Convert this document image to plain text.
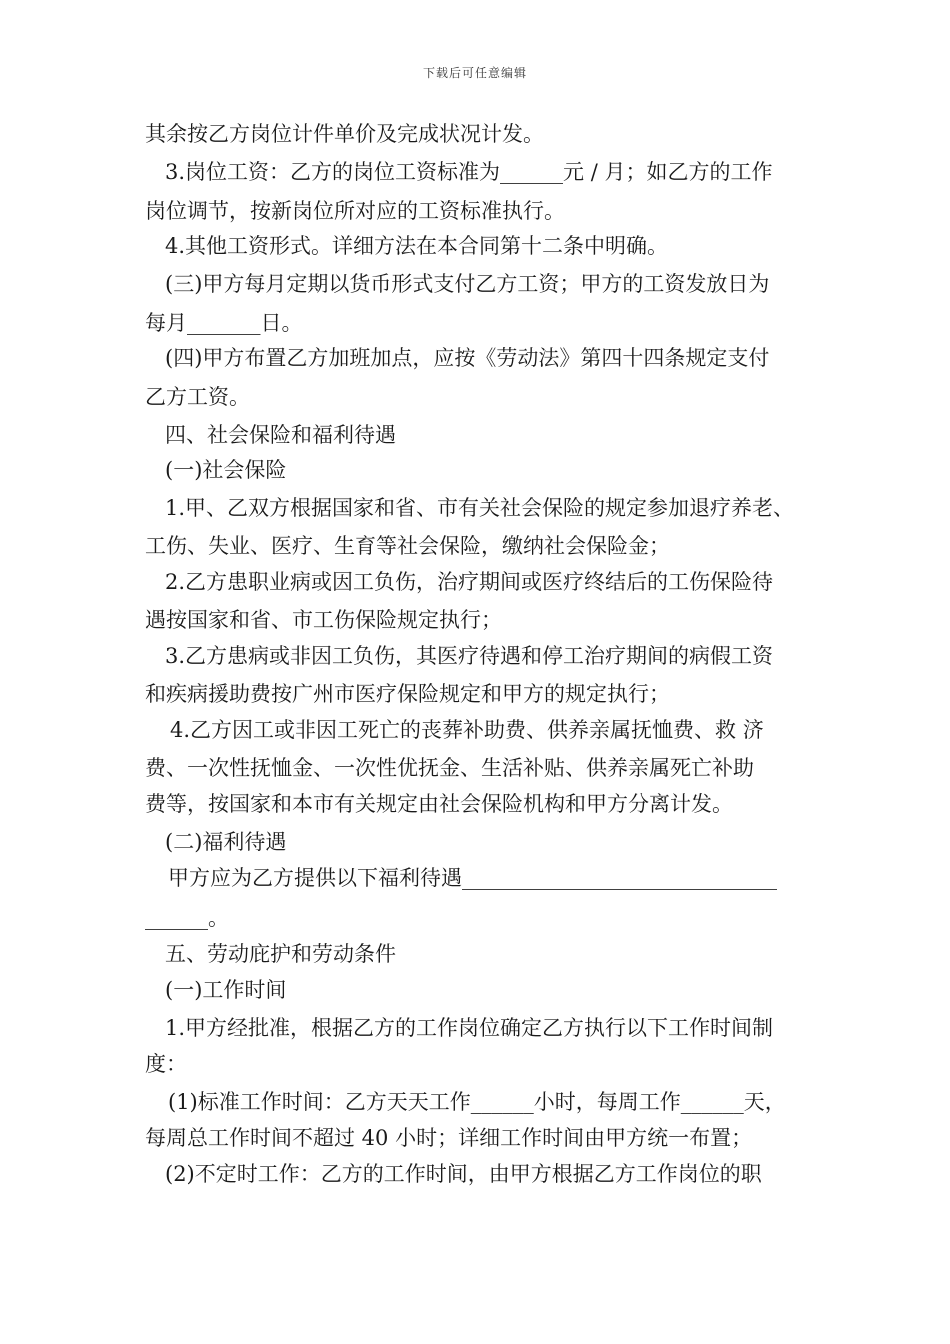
下载后可任意编辑
其余按乙方岗位计件单价及完成状况计发。
3.岗位工资：乙方的岗位工资标准为______元 / 月；如乙方的工作
岗位调节，按新岗位所对应的工资标准执行。
4.其他工资形式。详细方法在本合同第十二条中明确。
(三)甲方每月定期以货币形式支付乙方工资；甲方的工资发放日为
每月_______日。
(四)甲方布置乙方加班加点，应按《劳动法》第四十四条规定支付
乙方工资。
四、社会保险和福利待遇
(一)社会保险
1.甲、乙双方根据国家和省、市有关社会保险的规定参加退疗养老、
工伤、失业、医疗、生育等社会保险，缴纳社会保险金；
2.乙方患职业病或因工负伤，治疗期间或医疗终结后的工伤保险待
遇按国家和省、市工伤保险规定执行；
3.乙方患病或非因工负伤，其医疗待遇和停工治疗期间的病假工资
和疾病援助费按广州市医疗保险规定和甲方的规定执行；
4.乙方因工或非因工死亡的丧葬补助费、供养亲属抚恤费、救 济
费、一次性抚恤金、一次性优抚金、生活补贴、供养亲属死亡补助
费等，按国家和本市有关规定由社会保险机构和甲方分离计发。
(二)福利待遇
甲方应为乙方提供以下福利待遇______________________________
______。
五、劳动庇护和劳动条件
(一)工作时间
1.甲方经批准，根据乙方的工作岗位确定乙方执行以下工作时间制
度：
(1)标准工作时间：乙方天天工作______小时，每周工作______天，
每周总工作时间不超过 40 小时；详细工作时间由甲方统一布置；
(2)不定时工作：乙方的工作时间，由甲方根据乙方工作岗位的职
